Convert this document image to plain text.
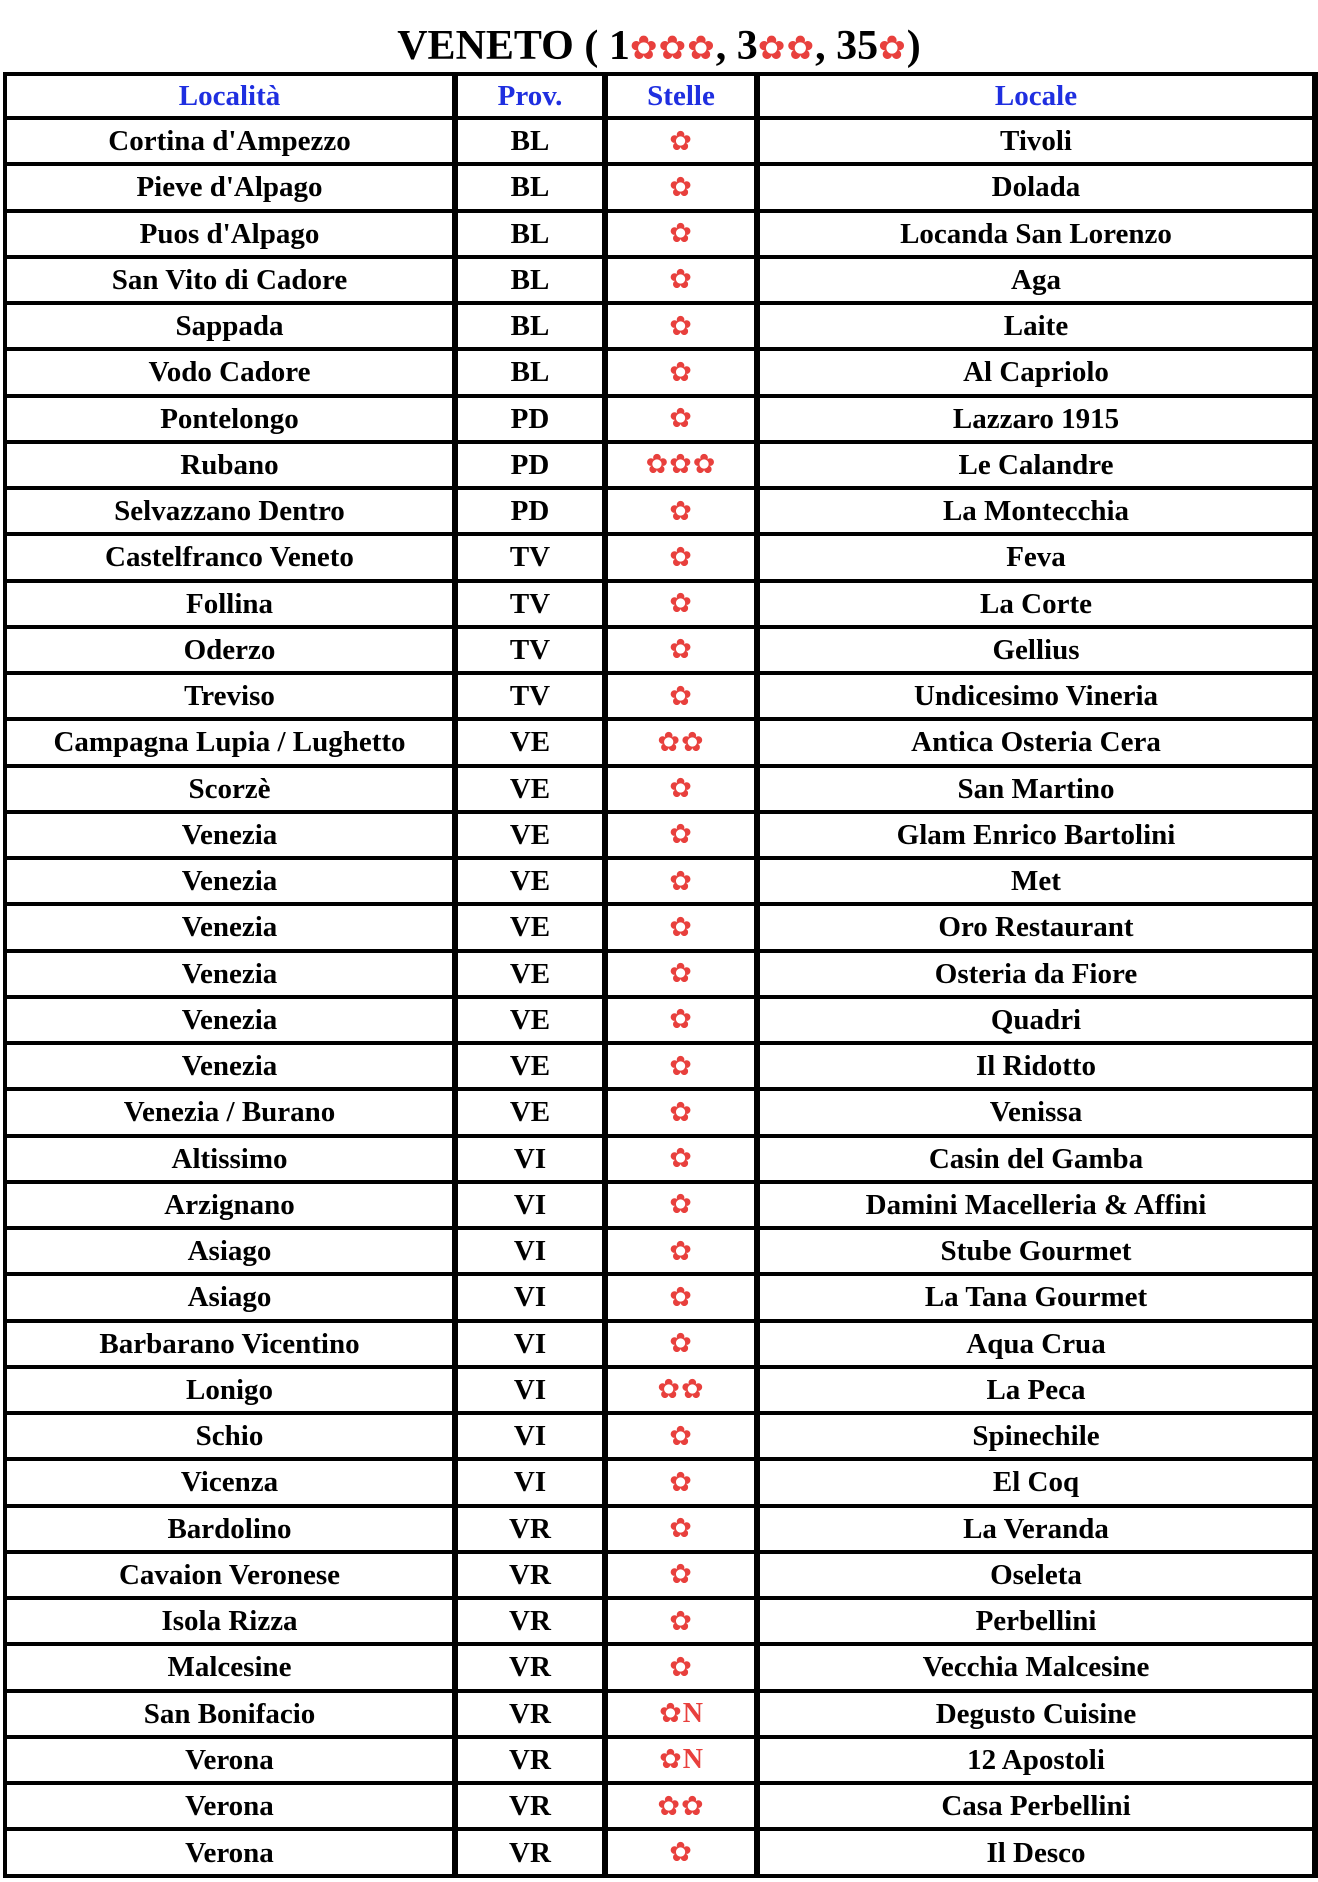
VENETO ( 1✿✿✿, 3✿✿, 35✿)
Località	Prov.	Stelle	Locale
Cortina d'Ampezzo	BL	✿	Tivoli
Pieve d'Alpago	BL	✿	Dolada
Puos d'Alpago	BL	✿	Locanda San Lorenzo
San Vito di Cadore	BL	✿	Aga
Sappada	BL	✿	Laite
Vodo Cadore	BL	✿	Al Capriolo
Pontelongo	PD	✿	Lazzaro 1915
Rubano	PD	✿✿✿	Le Calandre
Selvazzano Dentro	PD	✿	La Montecchia
Castelfranco Veneto	TV	✿	Feva
Follina	TV	✿	La Corte
Oderzo	TV	✿	Gellius
Treviso	TV	✿	Undicesimo Vineria
Campagna Lupia / Lughetto	VE	✿✿	Antica Osteria Cera
Scorzè	VE	✿	San Martino
Venezia	VE	✿	Glam Enrico Bartolini
Venezia	VE	✿	Met
Venezia	VE	✿	Oro Restaurant
Venezia	VE	✿	Osteria da Fiore
Venezia	VE	✿	Quadri
Venezia	VE	✿	Il Ridotto
Venezia / Burano	VE	✿	Venissa
Altissimo	VI	✿	Casin del Gamba
Arzignano	VI	✿	Damini Macelleria & Affini
Asiago	VI	✿	Stube Gourmet
Asiago	VI	✿	La Tana Gourmet
Barbarano Vicentino	VI	✿	Aqua Crua
Lonigo	VI	✿✿	La Peca
Schio	VI	✿	Spinechile
Vicenza	VI	✿	El Coq
Bardolino	VR	✿	La Veranda
Cavaion Veronese	VR	✿	Oseleta
Isola Rizza	VR	✿	Perbellini
Malcesine	VR	✿	Vecchia Malcesine
San Bonifacio	VR	✿N	Degusto Cuisine
Verona	VR	✿N	12 Apostoli
Verona	VR	✿✿	Casa Perbellini
Verona	VR	✿	Il Desco
